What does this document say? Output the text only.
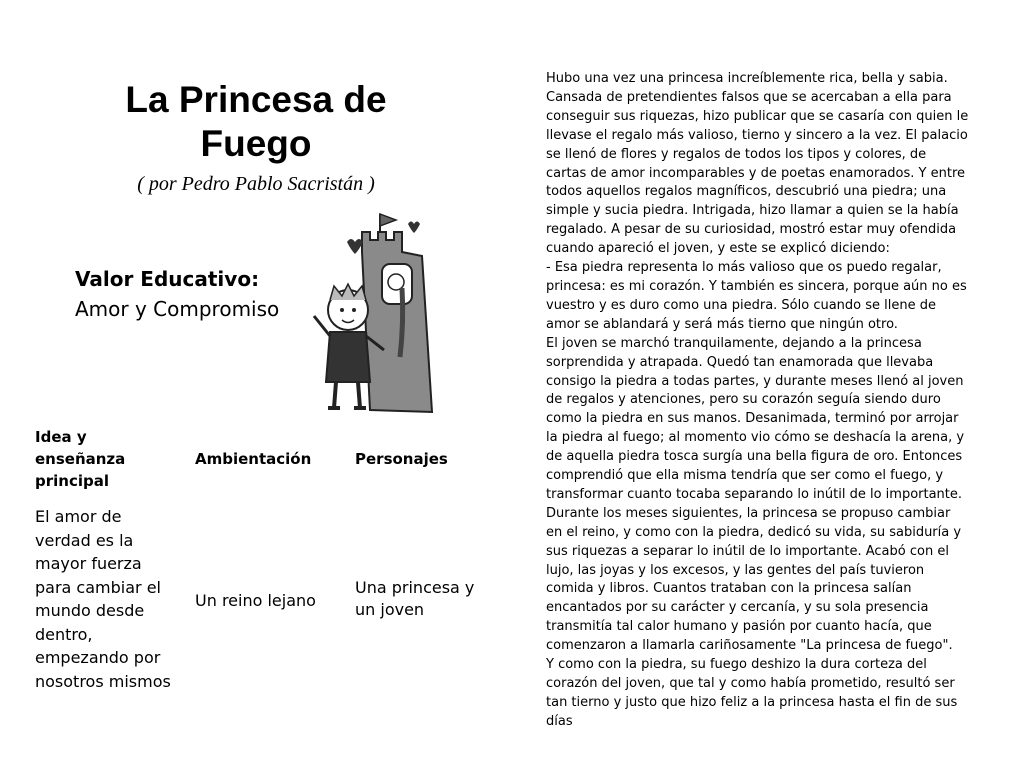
La Princesa de Fuego
( por Pedro Pablo Sacristán )
Valor Educativo:
Amor y Compromiso
Idea y enseñanza principal
Ambientación	Personajes
El amor de verdad es la mayor fuerza para cambiar el mundo desde dentro, empezando por nosotros mismos
Un reino lejano
Una princesa y un joven
Hubo una vez una princesa increíblemente rica, bella y sabia. Cansada de pretendientes falsos que se acercaban a ella para conseguir sus riquezas, hizo publicar que se casaría con quien le llevase el regalo más valioso, tierno y sincero a la vez. El palacio se llenó de flores y regalos de todos los tipos y colores, de cartas de amor incomparables y de poetas enamorados. Y entre todos aquellos regalos magníficos, descubrió una piedra; una simple y sucia piedra. Intrigada, hizo llamar a quien se la había regalado. A pesar de su curiosidad, mostró estar muy ofendida cuando apareció el joven, y este se explicó diciendo:
- Esa piedra representa lo más valioso que os puedo regalar, princesa: es mi corazón. Y también es sincera, porque aún no es vuestro y es duro como una piedra. Sólo cuando se llene de amor se ablandará y será más tierno que ningún otro.
El joven se marchó tranquilamente, dejando a la princesa sorprendida y atrapada. Quedó tan enamorada que llevaba consigo la piedra a todas partes, y durante meses llenó al joven de regalos y atenciones, pero su corazón seguía siendo duro como la piedra en sus manos. Desanimada, terminó por arrojar la piedra al fuego; al momento vio cómo se deshacía la arena, y de aquella piedra tosca surgía una bella figura de oro. Entonces comprendió que ella misma tendría que ser como el fuego, y transformar cuanto tocaba separando lo inútil de lo importante.
Durante los meses siguientes, la princesa se propuso cambiar en el reino, y como con la piedra, dedicó su vida, su sabiduría y sus riquezas a separar lo inútil de lo importante. Acabó con el lujo, las joyas y los excesos, y las gentes del país tuvieron comida y libros. Cuantos trataban con la princesa salían encantados por su carácter y cercanía, y su sola presencia transmitía tal calor humano y pasión por cuanto hacía, que comenzaron a llamarla cariñosamente "La princesa de fuego".
Y como con la piedra, su fuego deshizo la dura corteza del corazón del joven, que tal y como había prometido, resultó ser tan tierno y justo que hizo feliz a la princesa hasta el fin de sus días
